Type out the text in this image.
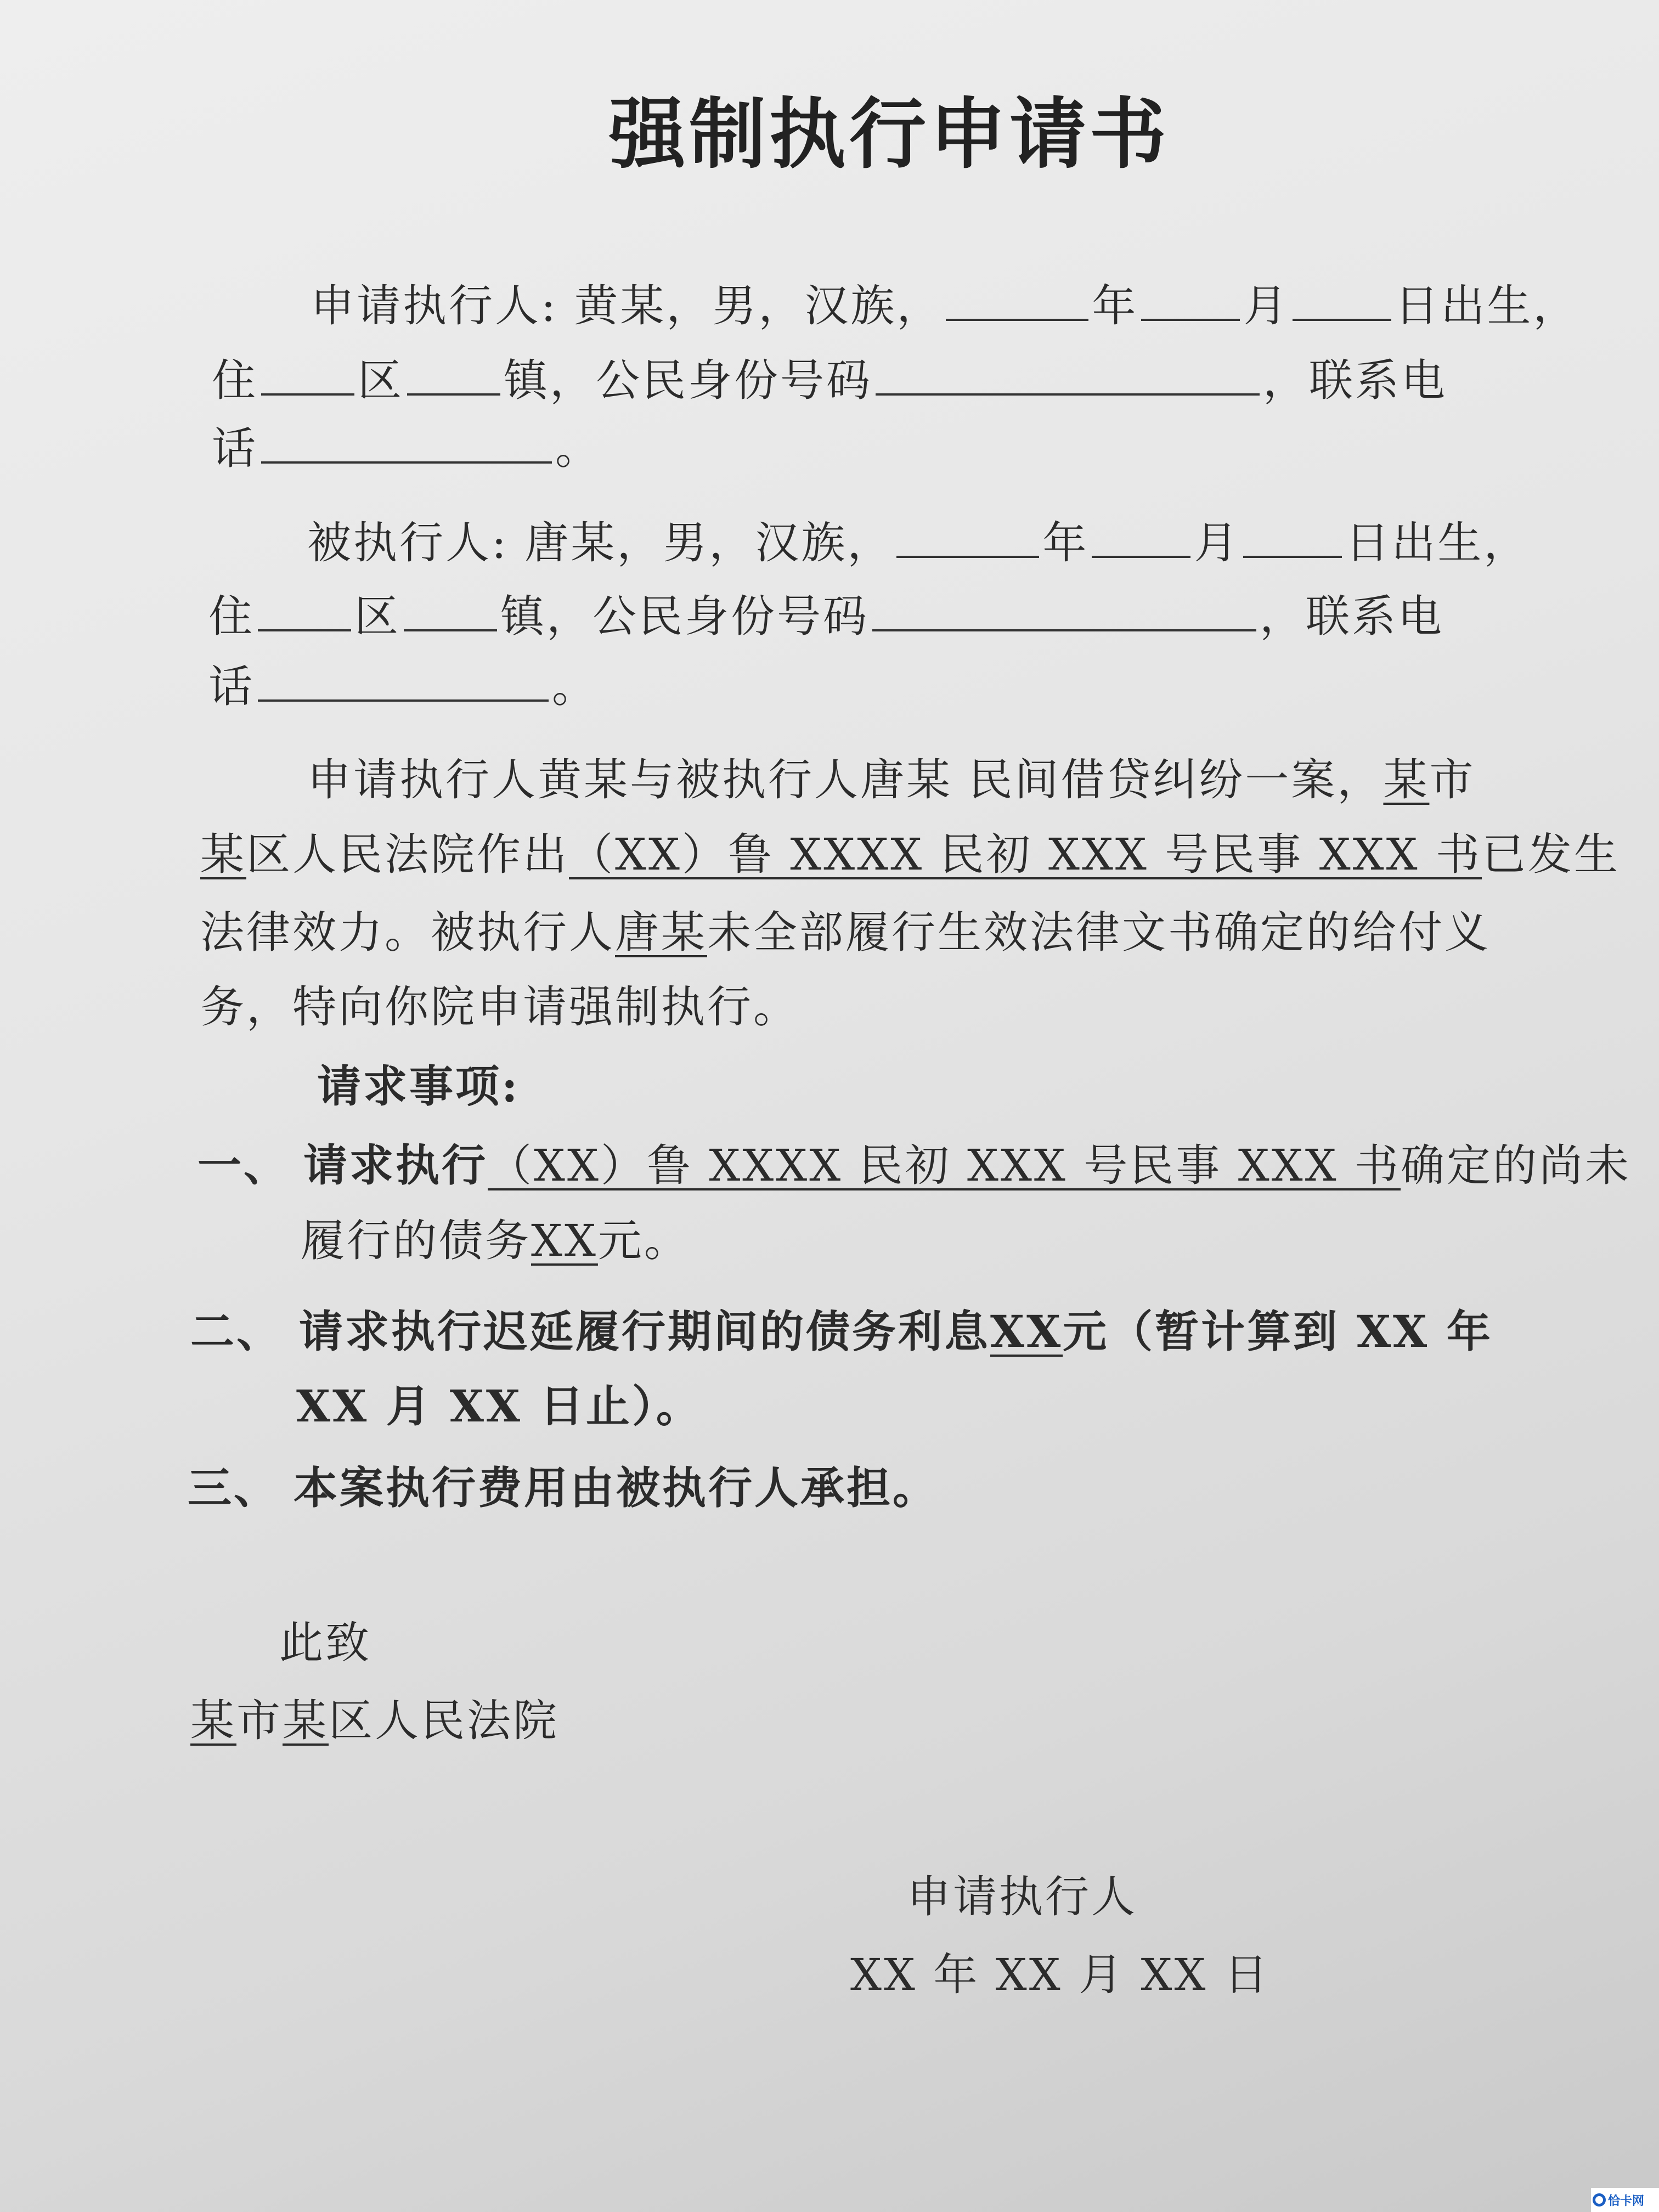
强制执行申请书
申请执行人: 黄某，男，汉族，	年 月 日出生，
住 区 镇，公民身份号码	，联系电
话	。
被执行人: 唐某，男，汉族，	年 月 日出生，
住 区 镇，公民身份号码	，联系电
话	。
申请执行人黄某与被执行人唐某 民间借贷纠纷一案，某市
某区人民法院作出（XX）鲁 XXXX 民初 XXX 号民事 XXX 书已发生
法律效力。被执行人唐某未全部履行生效法律文书确定的给付义
务，特向你院申请强制执行。
请求事项:
一、 请求执行（XX）鲁 XXXX 民初 XXX 号民事 XXX 书确定的尚未
履行的债务XX元。
二、 请求执行迟延履行期间的债务利息XX元（暂计算到 XX 年
XX 月 XX 日止）。
三、 本案执行费用由被执行人承担。
此致
某市某区人民法院
申请执行人
XX 年 XX 月 XX 日
恰卡网
